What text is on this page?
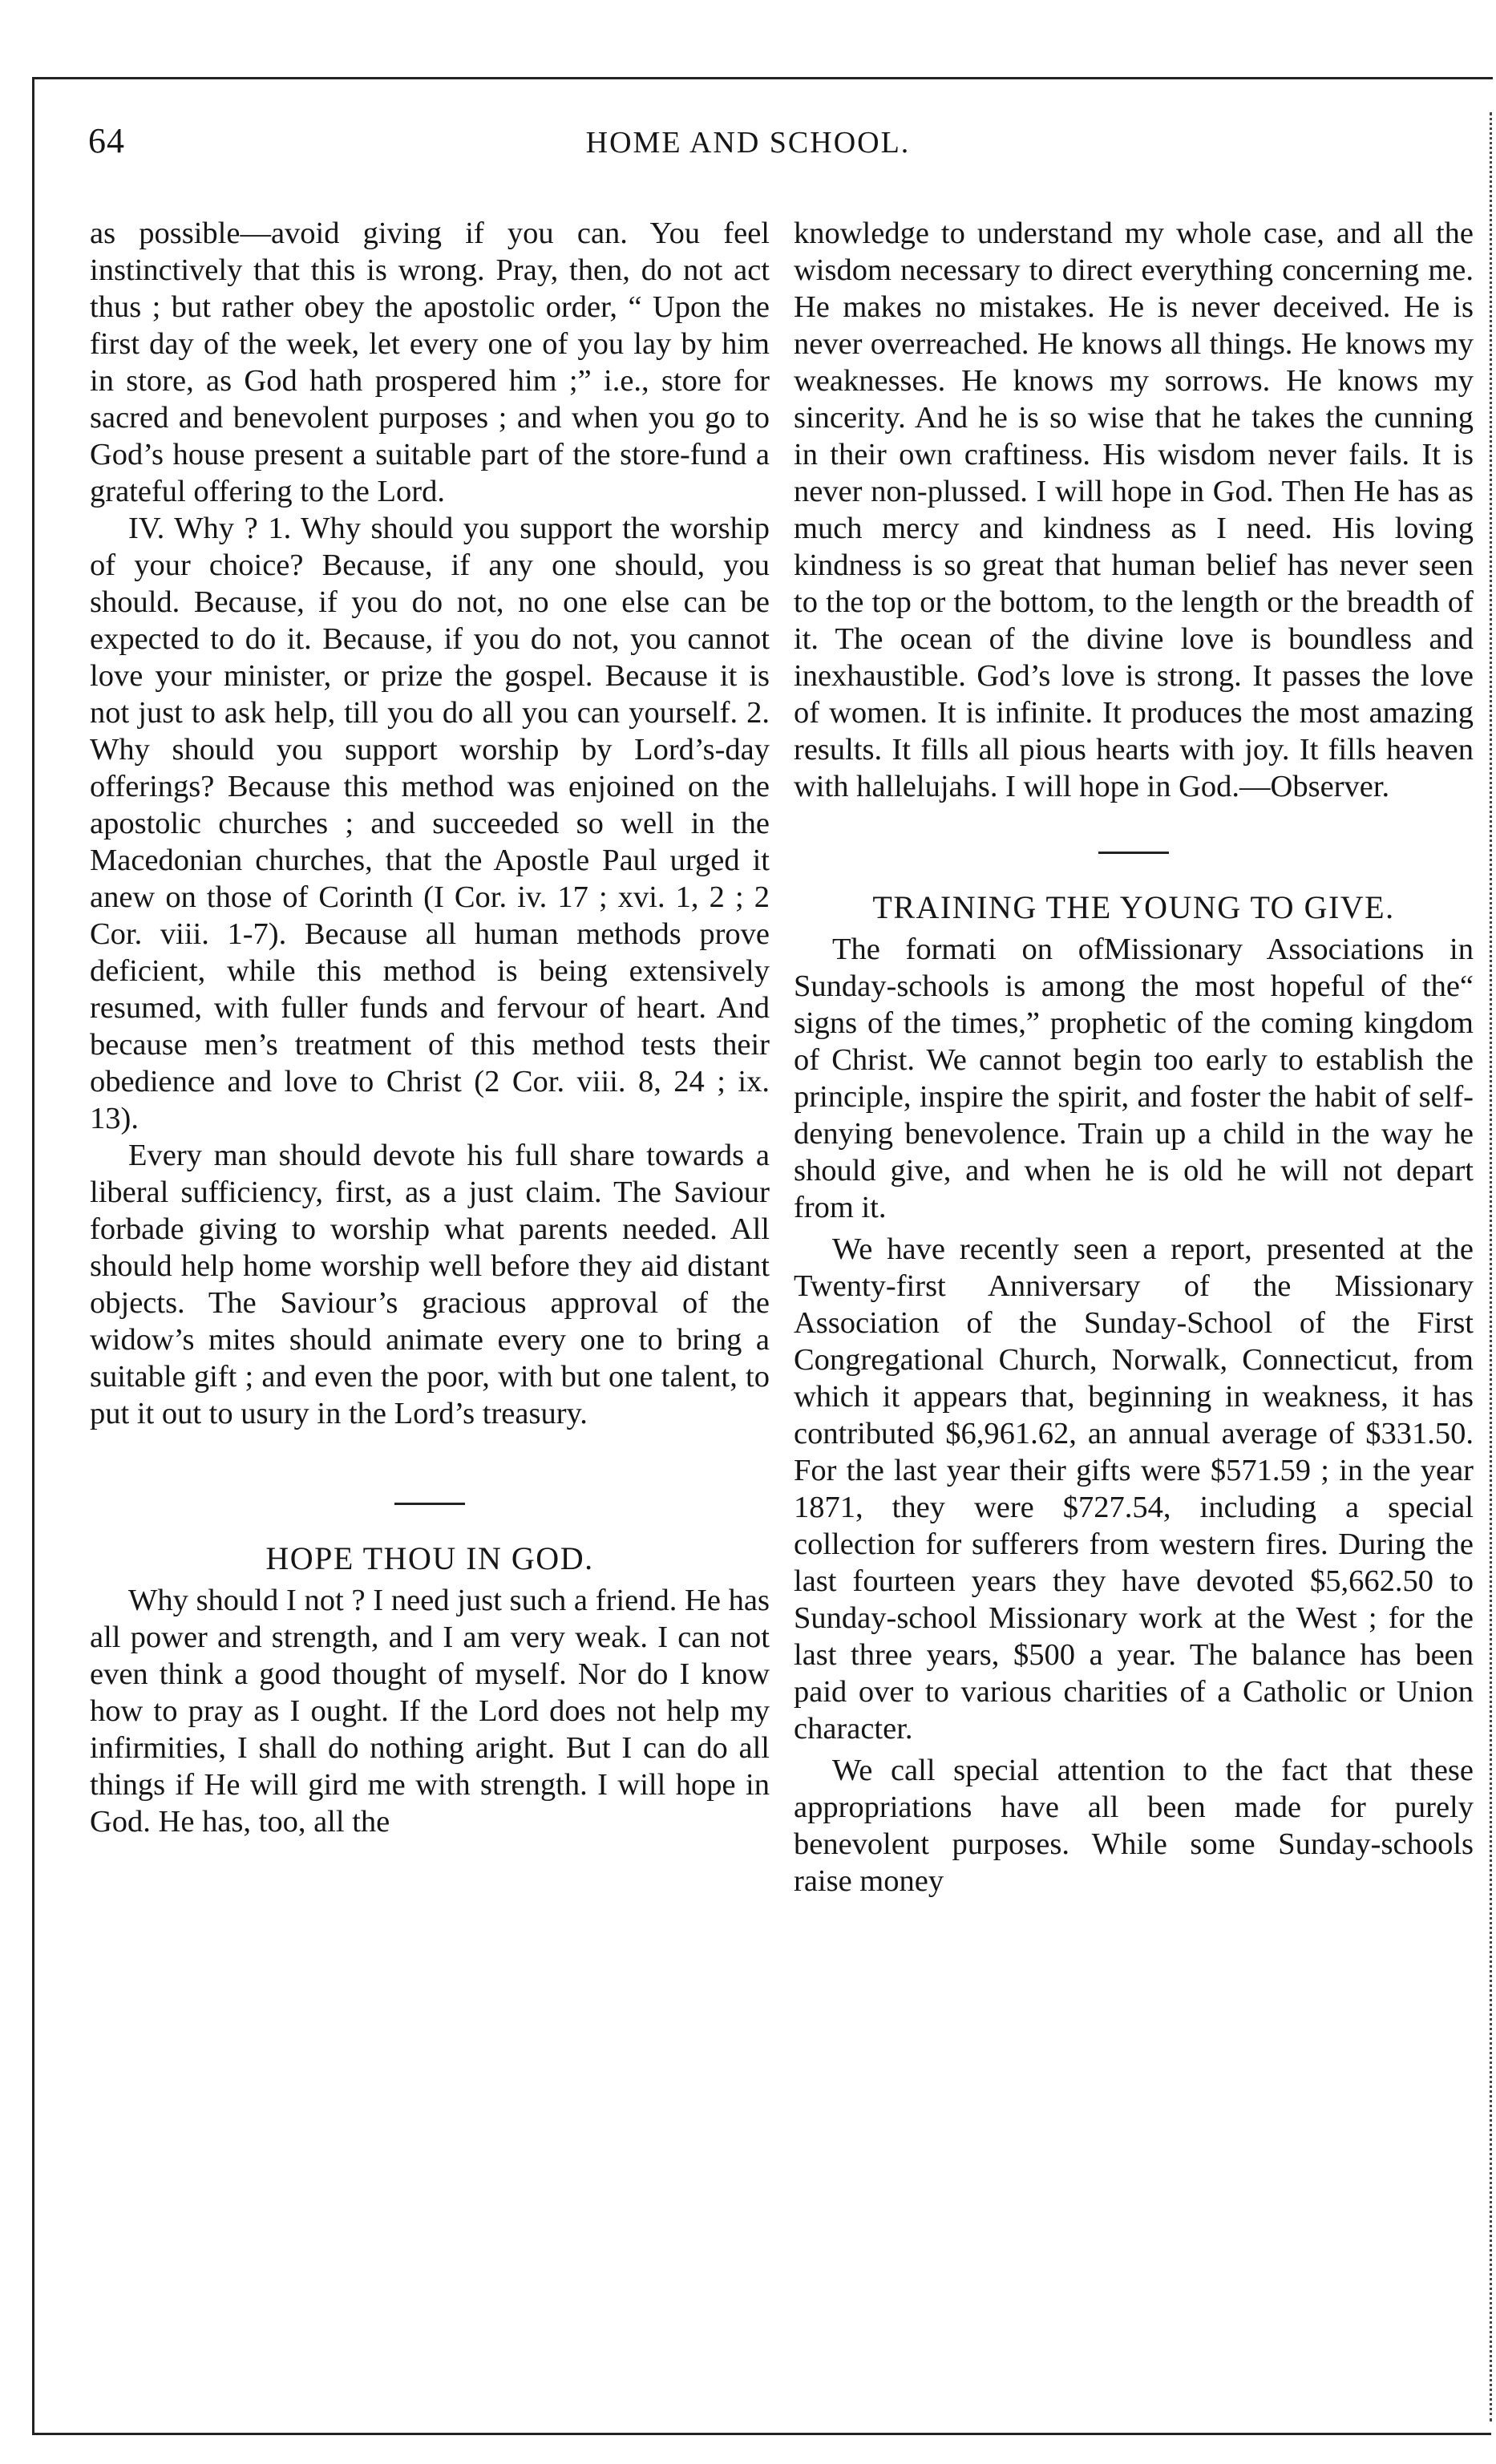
64	HOME AND SCHOOL.

as possible—avoid giving if you can. You feel instinctively that this is wrong. Pray, then, do not act thus ; but rather obey the apostolic order, “ Upon the first day of the week, let every one of you lay by him in store, as God hath prospered him ;” i.e., store for sacred and benevolent purposes ; and when you go to God’s house present a suitable part of the store-fund a grateful offering to the Lord.

IV. Why ? 1. Why should you support the worship of your choice? Because, if any one should, you should. Because, if you do not, no one else can be expected to do it. Because, if you do not, you cannot love your minister, or prize the gospel. Because it is not just to ask help, till you do all you can yourself. 2. Why should you support worship by Lord’s-day offerings? Because this method was enjoined on the apostolic churches ; and succeeded so well in the Macedonian churches, that the Apostle Paul urged it anew on those of Corinth (I Cor. iv. 17 ; xvi. 1, 2 ; 2 Cor. viii. 1-7). Because all human methods prove deficient, while this method is being extensively resumed, with fuller funds and fervour of heart. And because men’s treatment of this method tests their obedience and love to Christ (2 Cor. viii. 8, 24 ; ix. 13).

Every man should devote his full share towards a liberal sufficiency, first, as a just claim. The Saviour forbade giving to worship what parents needed. All should help home worship well before they aid distant objects. The Saviour’s gracious approval of the widow’s mites should animate every one to bring a suitable gift ; and even the poor, with but one talent, to put it out to usury in the Lord’s treasury.

HOPE THOU IN GOD.

Why should I not ? I need just such a friend. He has all power and strength, and I am very weak. I can not even think a good thought of myself. Nor do I know how to pray as I ought. If the Lord does not help my infirmities, I shall do nothing aright. But I can do all things if He will gird me with strength. I will hope in God. He has, too, all the

knowledge to understand my whole case, and all the wisdom necessary to direct everything concerning me. He makes no mistakes. He is never deceived. He is never overreached. He knows all things. He knows my weaknesses. He knows my sorrows. He knows my sincerity. And he is so wise that he takes the cunning in their own craftiness. His wisdom never fails. It is never non-plussed. I will hope in God. Then He has as much mercy and kindness as I need. His loving kindness is so great that human belief has never seen to the top or the bottom, to the length or the breadth of it. The ocean of the divine love is boundless and inexhaustible. God’s love is strong. It passes the love of women. It is infinite. It produces the most amazing results. It fills all pious hearts with joy. It fills heaven with hallelujahs. I will hope in God.—Observer.

TRAINING THE YOUNG TO GIVE.

The formati on ofMissionary Associations in Sunday-schools is among the most hopeful of the“ signs of the times,” prophetic of the coming kingdom of Christ. We cannot begin too early to establish the principle, inspire the spirit, and foster the habit of self-denying benevolence. Train up a child in the way he should give, and when he is old he will not depart from it.

We have recently seen a report, presented at the Twenty-first Anniversary of the Missionary Association of the Sunday-School of the First Congregational Church, Norwalk, Connecticut, from which it appears that, beginning in weakness, it has contributed $6,961.62, an annual average of $331.50. For the last year their gifts were $571.59 ; in the year 1871, they were $727.54, including a special collection for sufferers from western fires. During the last fourteen years they have devoted $5,662.50 to Sunday-school Missionary work at the West ; for the last three years, $500 a year. The balance has been paid over to various charities of a Catholic or Union character.

We call special attention to the fact that these appropriations have all been made for purely benevolent purposes. While some Sunday-schools raise money
